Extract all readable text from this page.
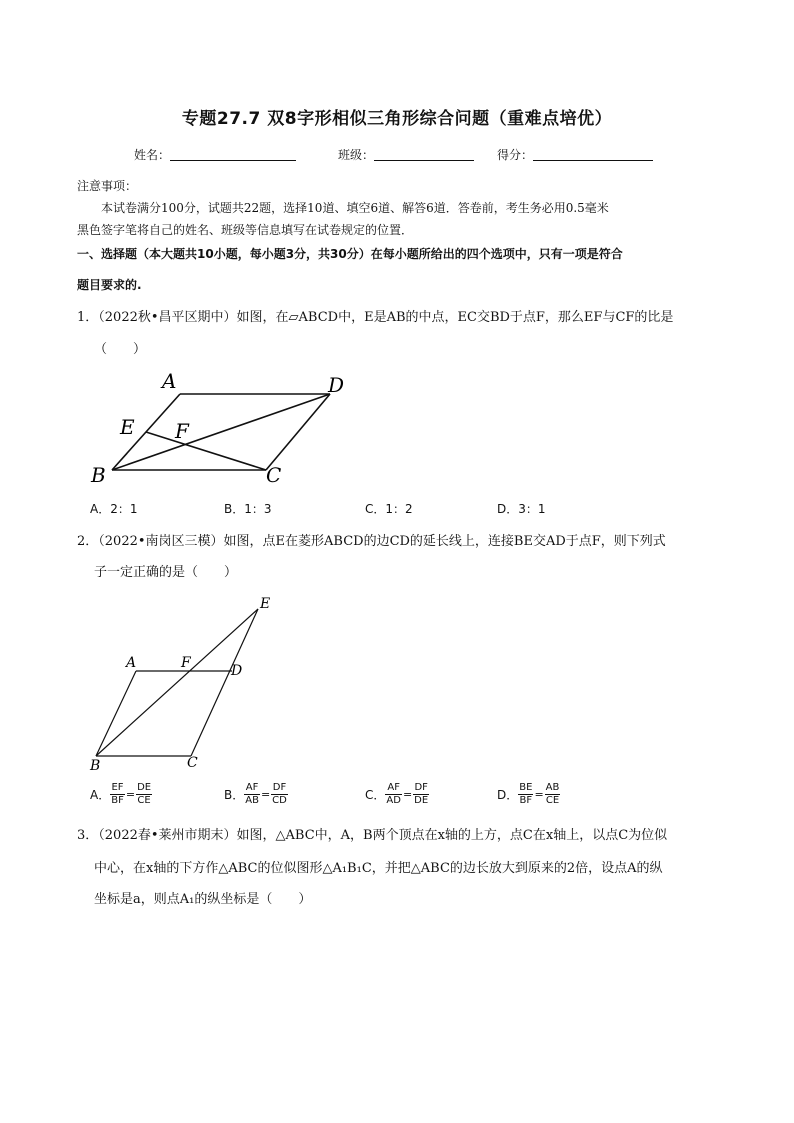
专题27.7 双8字形相似三角形综合问题（重难点培优）
姓名：	班级：	得分：
注意事项：
本试卷满分100分，试题共22题，选择10道、填空6道、解答6道．答卷前，考生务必用0.5毫米
黑色签字笔将自己的姓名、班级等信息填写在试卷规定的位置．
一、选择题（本大题共10小题，每小题3分，共30分）在每小题所给出的四个选项中，只有一项是符合
题目要求的.
1．（2022秋•昌平区期中）如图，在▱ABCD中，E是AB的中点，EC交BD于点F，那么EF与CF的比是
（　　）
A	D
E F
B	C
A．2：1	B．1：3	C．1：2	D．3：1
2．（2022•南岗区三模）如图，点E在菱形ABCD的边CD的延长线上，连接BE交AD于点F，则下列式
子一定正确的是（　　）
E
A	F	D
B	C
A． $\frac{EF}{BF} = \frac{DE}{CE}$	B． $\frac{AF}{AB} = \frac{DF}{CD}$	C． $\frac{AF}{AD} = \frac{DF}{DE}$	D． $\frac{BE}{BF} = \frac{AB}{CE}$
3．（2022春•莱州市期末）如图，△ABC中，A，B两个顶点在x轴的上方，点C在x轴上，以点C为位似
中心，在x轴的下方作△ABC的位似图形△A₁B₁C，并把△ABC的边长放大到原来的2倍，设点A的纵
坐标是a，则点A₁的纵坐标是（　　）
